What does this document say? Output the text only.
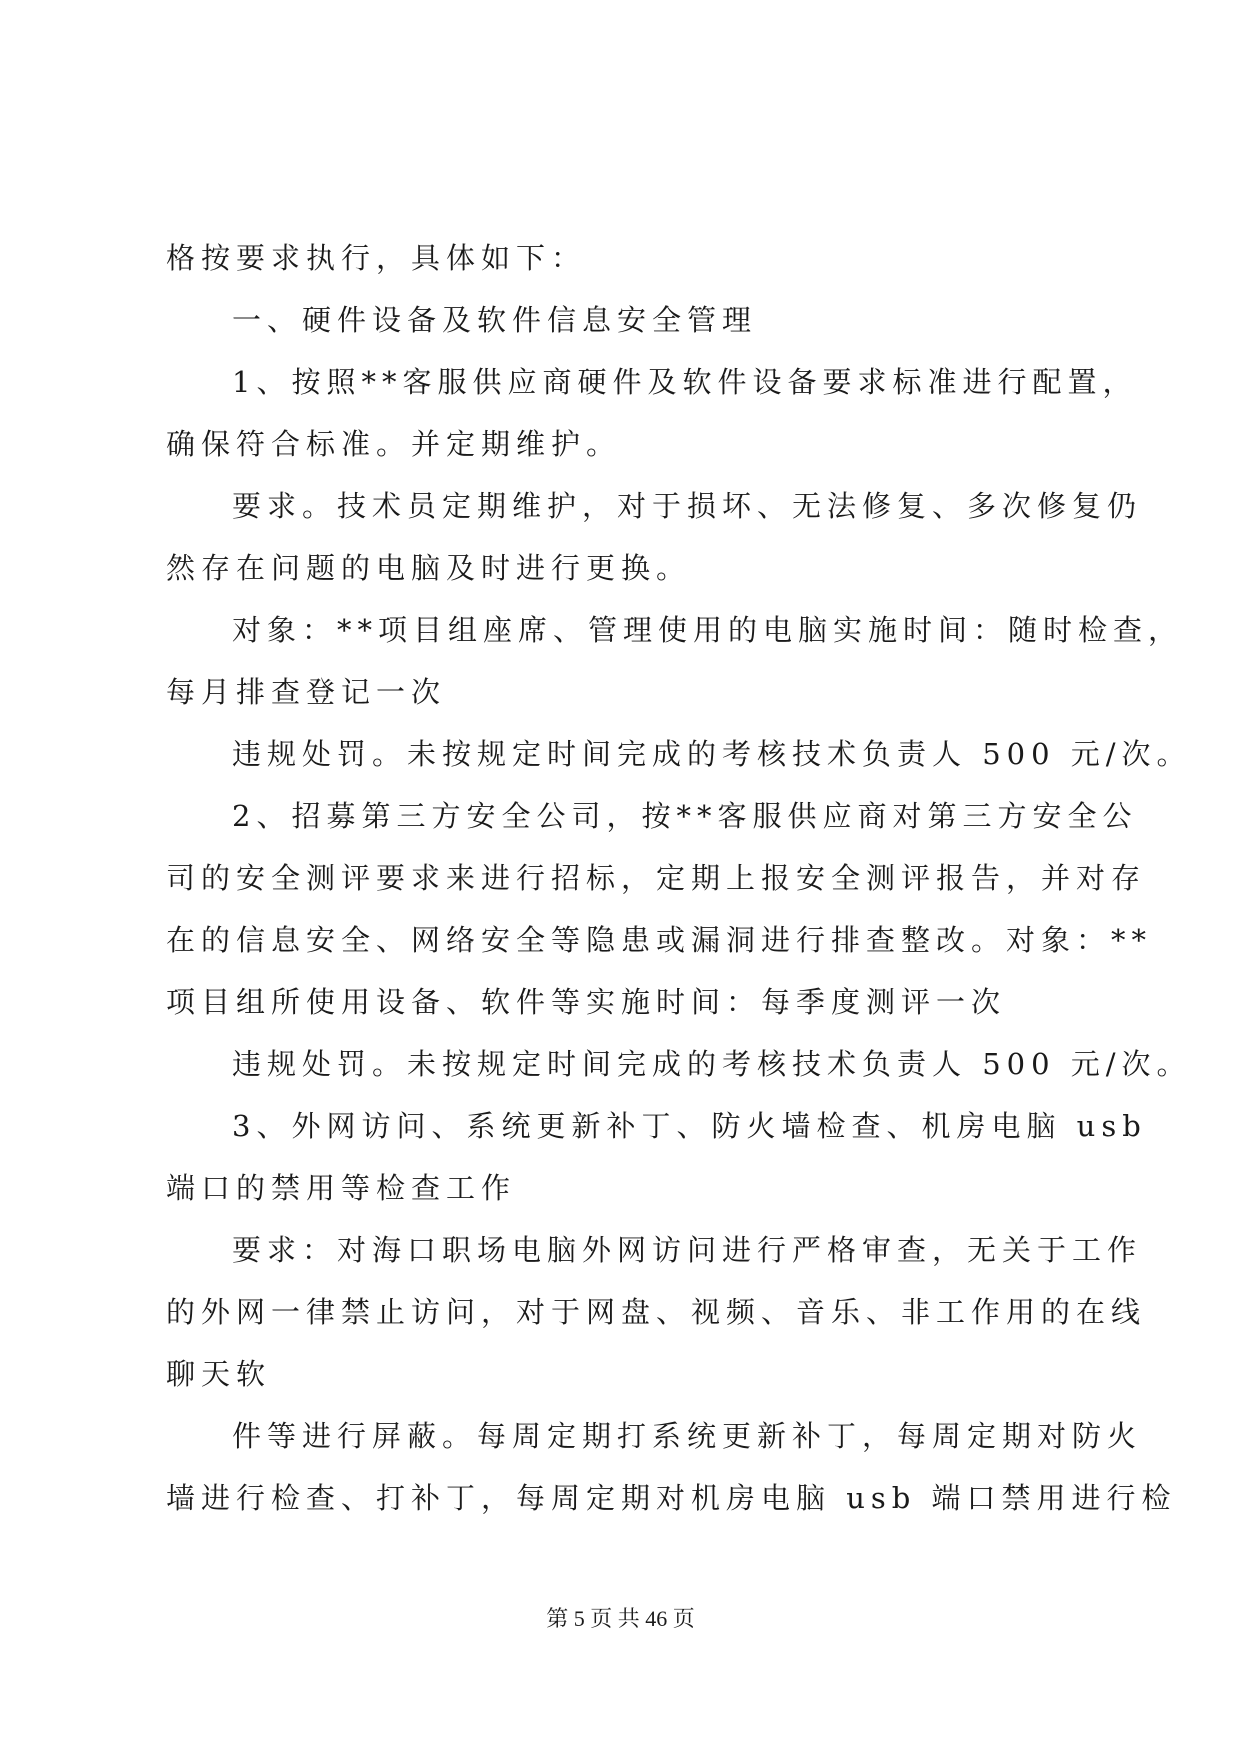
格按要求执行，具体如下：
一、硬件设备及软件信息安全管理
1、按照**客服供应商硬件及软件设备要求标准进行配置，
确保符合标准。并定期维护。
要求。技术员定期维护，对于损坏、无法修复、多次修复仍
然存在问题的电脑及时进行更换。
对象：**项目组座席、管理使用的电脑实施时间：随时检查，
每月排查登记一次
违规处罚。未按规定时间完成的考核技术负责人 500 元/次。
2、招募第三方安全公司，按**客服供应商对第三方安全公
司的安全测评要求来进行招标，定期上报安全测评报告，并对存
在的信息安全、网络安全等隐患或漏洞进行排查整改。对象：**
项目组所使用设备、软件等实施时间：每季度测评一次
违规处罚。未按规定时间完成的考核技术负责人 500 元/次。
3、外网访问、系统更新补丁、防火墙检查、机房电脑 usb
端口的禁用等检查工作
要求：对海口职场电脑外网访问进行严格审查，无关于工作
的外网一律禁止访问，对于网盘、视频、音乐、非工作用的在线
聊天软
件等进行屏蔽。每周定期打系统更新补丁，每周定期对防火
墙进行检查、打补丁，每周定期对机房电脑 usb 端口禁用进行检
第 5 页 共 46 页
